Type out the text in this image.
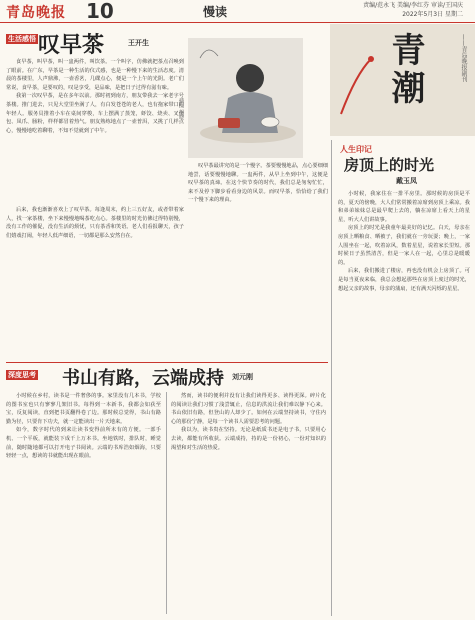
青岛晚报 10	慢读	责编/范永飞 美编/李红芬 审读/王国庆
2022年5月3日 星期二
生活感悟 叹早茶	王开生

食早茶，叫早茶，叫一盅两件，叫饮茶。一个叫字，仿佛就把茶点召唤到了眼前。在广东，早茶是一种生活的仪式感，也是一种慢下来的生活态度。清晨的茶楼里，人声鼎沸，一壶香茗，几碟点心，便是一个上午的光阴。老广们常说，食早茶，是要叹的，叹是享受，是品味，是把日子过得有滋有味。

我第一次叹早茶，是在多年以前。那时初到南方，朋友带我去一家老字号茶楼。推门进去，只见大堂里坐满了人，有白发苍苍的老人，也有拖家带口的年轻人。服务员推着小车在桌间穿梭，车上摆满了蒸笼，虾饺、烧卖、叉烧包、凤爪、肠粉，样样都冒着热气。朋友熟练地点了一壶普洱，又挑了几样点心，慢慢地吃着聊着，不知不觉就到了中午。

插图 胡晓

后来，我也渐渐喜欢上了叹早茶。每逢周末，约上三五好友，或者带着家人，找一家茶楼，坐下来慢慢地喝茶吃点心。茶楼里的时光仿佛过得特别慢，没有工作的催促，没有生活的烦忧，只有茶香和笑语。老人们看报聊天，孩子们嬉戏打闹，年轻人低声细语，一切都是那么安然自在。

叹早茶最讲究的是一个慢字。茶要慢慢地品，点心要细细地尝，话要慢慢地聊。一盅两件，从早上坐到中午，这便是叹早茶的真谛。在这个快节奏的时代，我们总是匆匆忙忙，来不及停下脚步看看身边的风景。而叹早茶，恰恰给了我们一个慢下来的理由。

青潮	——青岛晚报副刊
人生印记
房顶上的时光
戴玉凤

小时候，我家住在一排平房里。那时候的房顶是平的，夏天的傍晚，大人们常常搬着凉席到房顶上乘凉。我和弟弟妹妹总是最早爬上去的，躺在凉席上看天上的星星，听大人们讲故事。

房顶上的时光是我童年最美好的记忆。白天，母亲在房顶上晒粮食、晒被子，我们就在一旁玩耍；晚上，一家人围坐在一起，吹着凉风，数着星星，说着家长里短。那时候日子虽然清苦，但是一家人在一起，心里总是暖暖的。

后来，我们搬进了楼房，再也没有机会上房顶了。可是每当夏夜来临，我总会想起那些在房顶上度过的时光，想起父亲的故事，母亲的蒲扇，还有满天闪烁的星星。

深度思考 书山有路，云端成持 刘元刚

小时候在乡村，读书是一件奢侈的事。家里没有几本书，学校的图书室也只有寥寥几架旧书。每得到一本新书，我都会如获至宝，反复阅读，直到把书页翻得卷了边。那时候总觉得，书山有路勤为径，只要肯下功夫，就一定能读出一片天地来。

如今，数字时代的到来让读书变得前所未有的方便。一部手机、一个平板，就能装下成千上万本书。坐地铁时，排队时，睡觉前，随时随地都可以打开电子书阅读。云端的书库浩如烟海，只要轻轻一点，想读的书就能出现在眼前。

然而，读书的便利并没有让我们读得更多、读得更深。碎片化的阅读让我们习惯了浅尝辄止，信息的洪流让我们难以静下心来。书山依旧有路，但登山的人却少了。如何在云端坚持读书，守住内心的那份宁静，是每一个读书人需要思考的问题。

我以为，读书贵在坚持。无论是纸质书还是电子书，只要用心去读，都能有所收获。云端成持，持的是一份初心，一份对知识的渴望和对生活的热爱。
